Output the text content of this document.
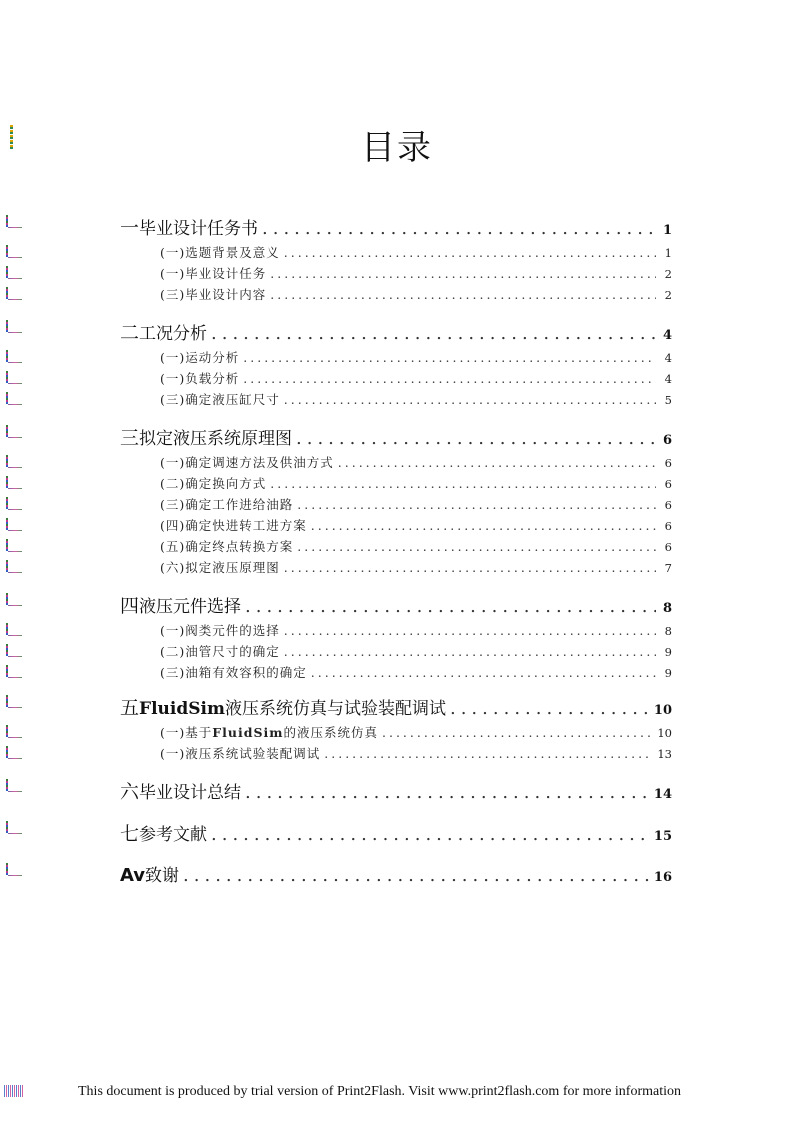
目录
一 毕业设计任务书 .....	1
(一) 选题背景及意义 .....	1
(一) 毕业设计任务 .....	2
(三) 毕业设计内容 .....	2
二 工况分析 .....	4
(一) 运动分析 .....	4
(一) 负载分析 .....	4
(三) 确定液压缸尺寸 .....	5
三 拟定液压系统原理图 .....	6
(一) 确定调速方法及供油方式 .....	6
(二) 确定换向方式 .....	6
(三) 确定工作进给油路 .....	6
(四) 确定快进转工进方案 .....	6
(五) 确定终点转换方案 .....	6
(六) 拟定液压原理图 .....	7
四 液压元件选择 .....	8
(一) 阀类元件的选择 .....	8
(二) 油管尺寸的确定 .....	9
(三) 油箱有效容积的确定 .....	9
五 FluidSim液压系统仿真与试验装配调试 .....	10
(一) 基于FluidSim的液压系统仿真 .....	10
(一) 液压系统试验装配调试 .....	13
六 毕业设计总结 .....	14
七 参考文献 .....	15
Av 致谢 .....	16
This document is produced by trial version of Print2Flash. Visit www.print2flash.com for more information
